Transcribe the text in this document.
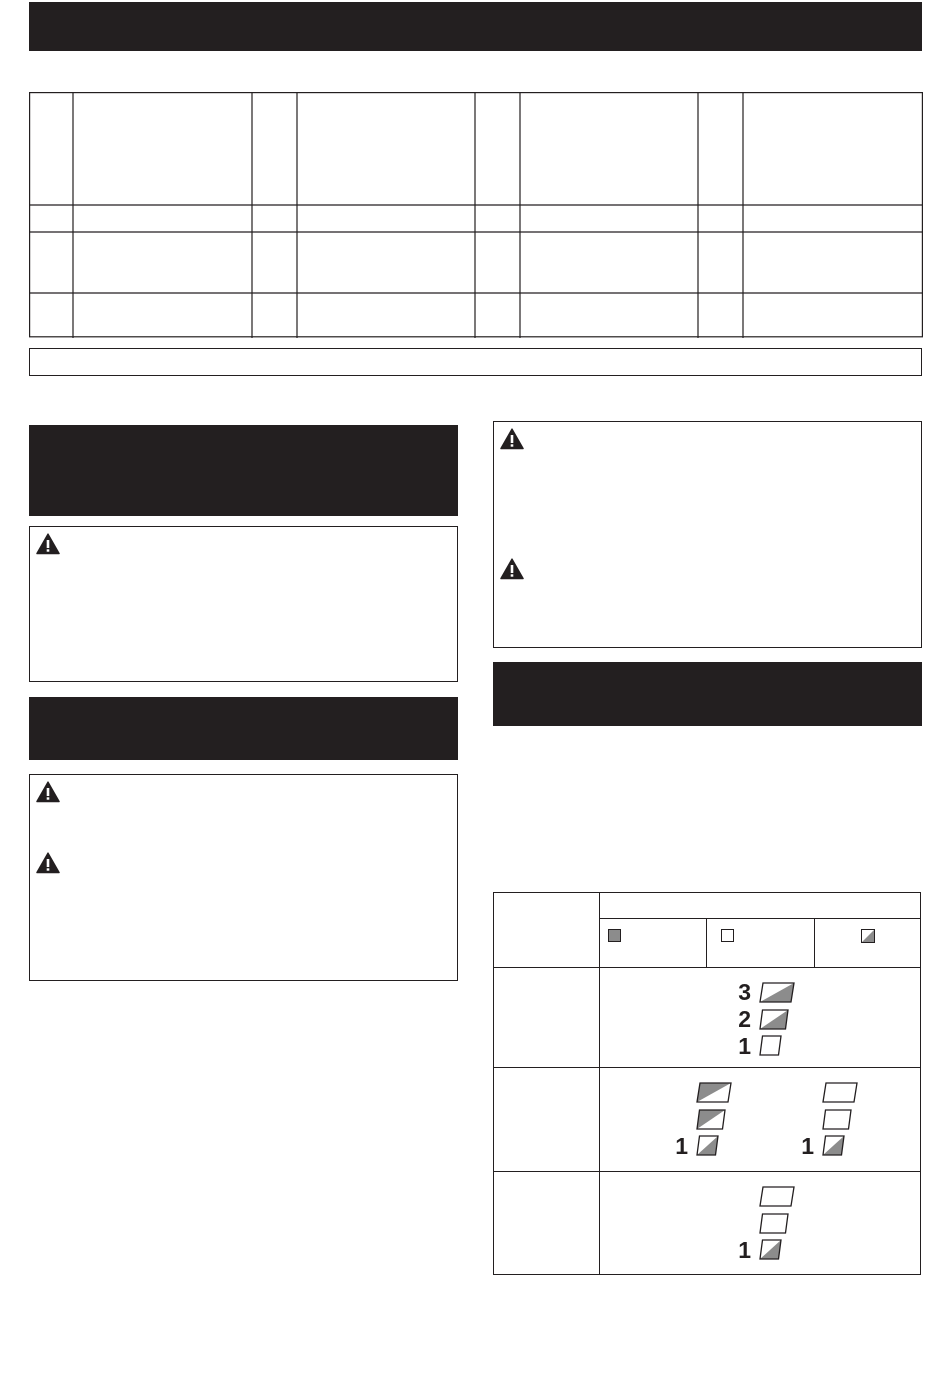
3
2
1
1	1
1
